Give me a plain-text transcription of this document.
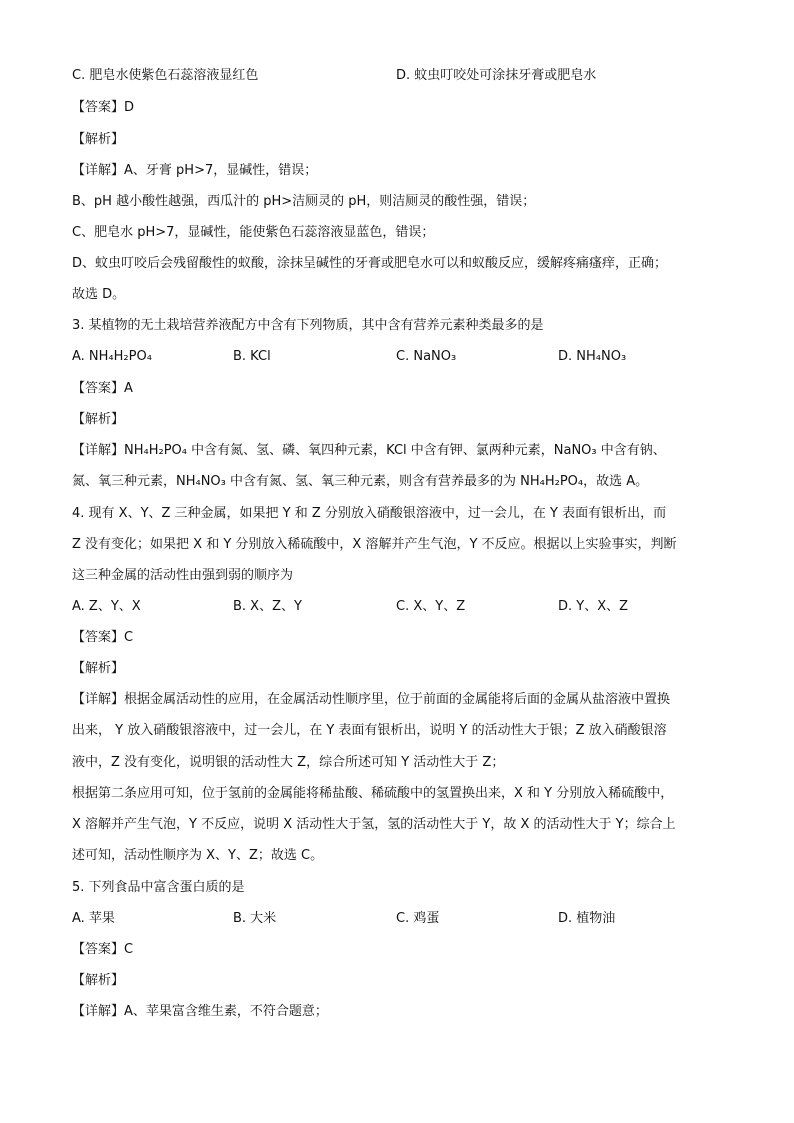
C. 肥皂水使紫色石蕊溶液显红色	D. 蚊虫叮咬处可涂抹牙膏或肥皂水
【答案】D
【解析】
【详解】A、牙膏 pH>7，显碱性，错误；
B、pH 越小酸性越强，西瓜汁的 pH>洁厕灵的 pH，则洁厕灵的酸性强，错误；
C、肥皂水 pH>7，显碱性，能使紫色石蕊溶液显蓝色，错误；
D、蚊虫叮咬后会残留酸性的蚁酸，涂抹呈碱性的牙膏或肥皂水可以和蚁酸反应，缓解疼痛瘙痒，正确；
故选 D。
3. 某植物的无土栽培营养液配方中含有下列物质，其中含有营养元素种类最多的是
A. NH₄H₂PO₄	B. KCl	C. NaNO₃	D. NH₄NO₃
【答案】A
【解析】
【详解】NH₄H₂PO₄ 中含有氮、氢、磷、氧四种元素，KCl 中含有钾、氯两种元素，NaNO₃ 中含有钠、
氮、氧三种元素，NH₄NO₃ 中含有氮、氢、氧三种元素，则含有营养最多的为 NH₄H₂PO₄，故选 A。
4. 现有 X、Y、Z 三种金属，如果把 Y 和 Z 分别放入硝酸银溶液中，过一会儿，在 Y 表面有银析出，而
Z 没有变化；如果把 X 和 Y 分别放入稀硫酸中，X 溶解并产生气泡，Y 不反应。根据以上实验事实，判断
这三种金属的活动性由强到弱的顺序为
A. Z、Y、X	B. X、Z、Y	C. X、Y、Z	D. Y、X、Z
【答案】C
【解析】
【详解】根据金属活动性的应用，在金属活动性顺序里，位于前面的金属能将后面的金属从盐溶液中置换
出来， Y 放入硝酸银溶液中，过一会儿，在 Y 表面有银析出，说明 Y 的活动性大于银；Z 放入硝酸银溶
液中，Z 没有变化，说明银的活动性大 Z，综合所述可知 Y 活动性大于 Z；
根据第二条应用可知，位于氢前的金属能将稀盐酸、稀硫酸中的氢置换出来，X 和 Y 分别放入稀硫酸中，
X 溶解并产生气泡，Y 不反应，说明 X 活动性大于氢，氢的活动性大于 Y，故 X 的活动性大于 Y；综合上
述可知，活动性顺序为 X、Y、Z；故选 C。
5. 下列食品中富含蛋白质的是
A. 苹果	B. 大米	C. 鸡蛋	D. 植物油
【答案】C
【解析】
【详解】A、苹果富含维生素，不符合题意；
